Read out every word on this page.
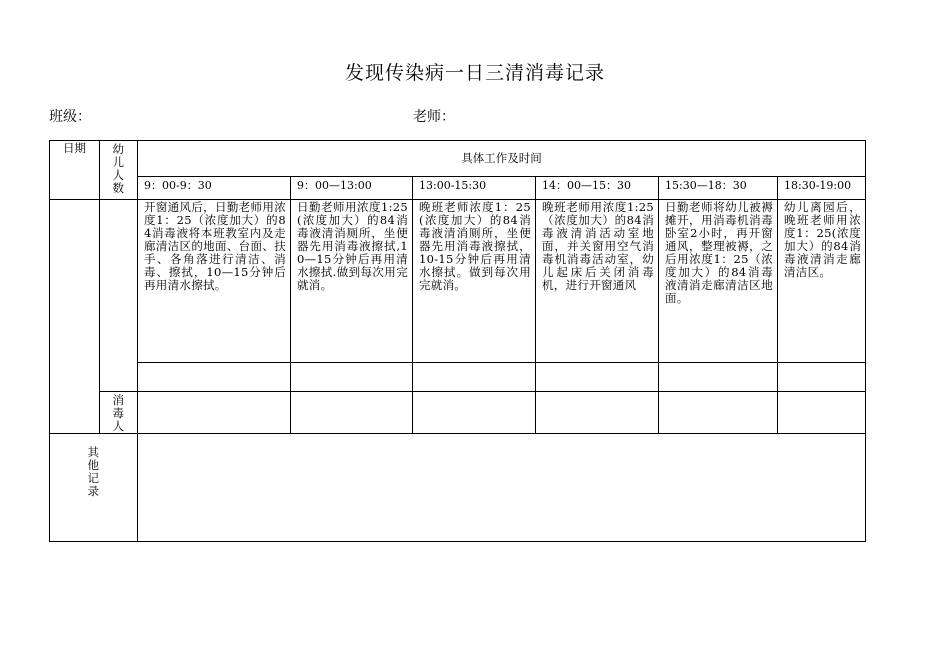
发现传染病一日三清消毒记录
班级：	老师：
日期	幼儿人数	具体工作及时间					
		9：00-9：30	9：00—13:00	13:00-15:30	14：00—15：30	15:30—18：30	18:30-19:00
		开窗通风后，日勤老师用浓度1：25（浓度加大）的84消毒液将本班教室内及走廊清洁区的地面、台面、扶手、各角落进行清洁、消毒、擦拭，10—15分钟后再用清水擦拭。	日勤老师用浓度1:25(浓度加大）的84消毒液清消厕所，坐便器先用消毒液擦拭,10—15分钟后再用清水擦拭.做到每次用完就消。	晚班老师浓度1：25(浓度加大）的84消毒液清消厕所，坐便器先用消毒液擦拭，10-15分钟后再用清水擦拭。做到每次用完就消。	晚班老师用浓度1:25（浓度加大）的84消毒液清消活动室地面，并关窗用空气消毒机消毒活动室，幼儿起床后关闭消毒机，进行开窗通风	日勤老师将幼儿被褥摊开，用消毒机消毒卧室2小时，再开窗通风，整理被褥，之后用浓度1：25（浓度加大）的84消毒液清消走廊清洁区地面。	幼儿离园后，晚班老师用浓度1：25(浓度加大）的84消毒液清消走廊清洁区。

	消毒人						

其他记录							
